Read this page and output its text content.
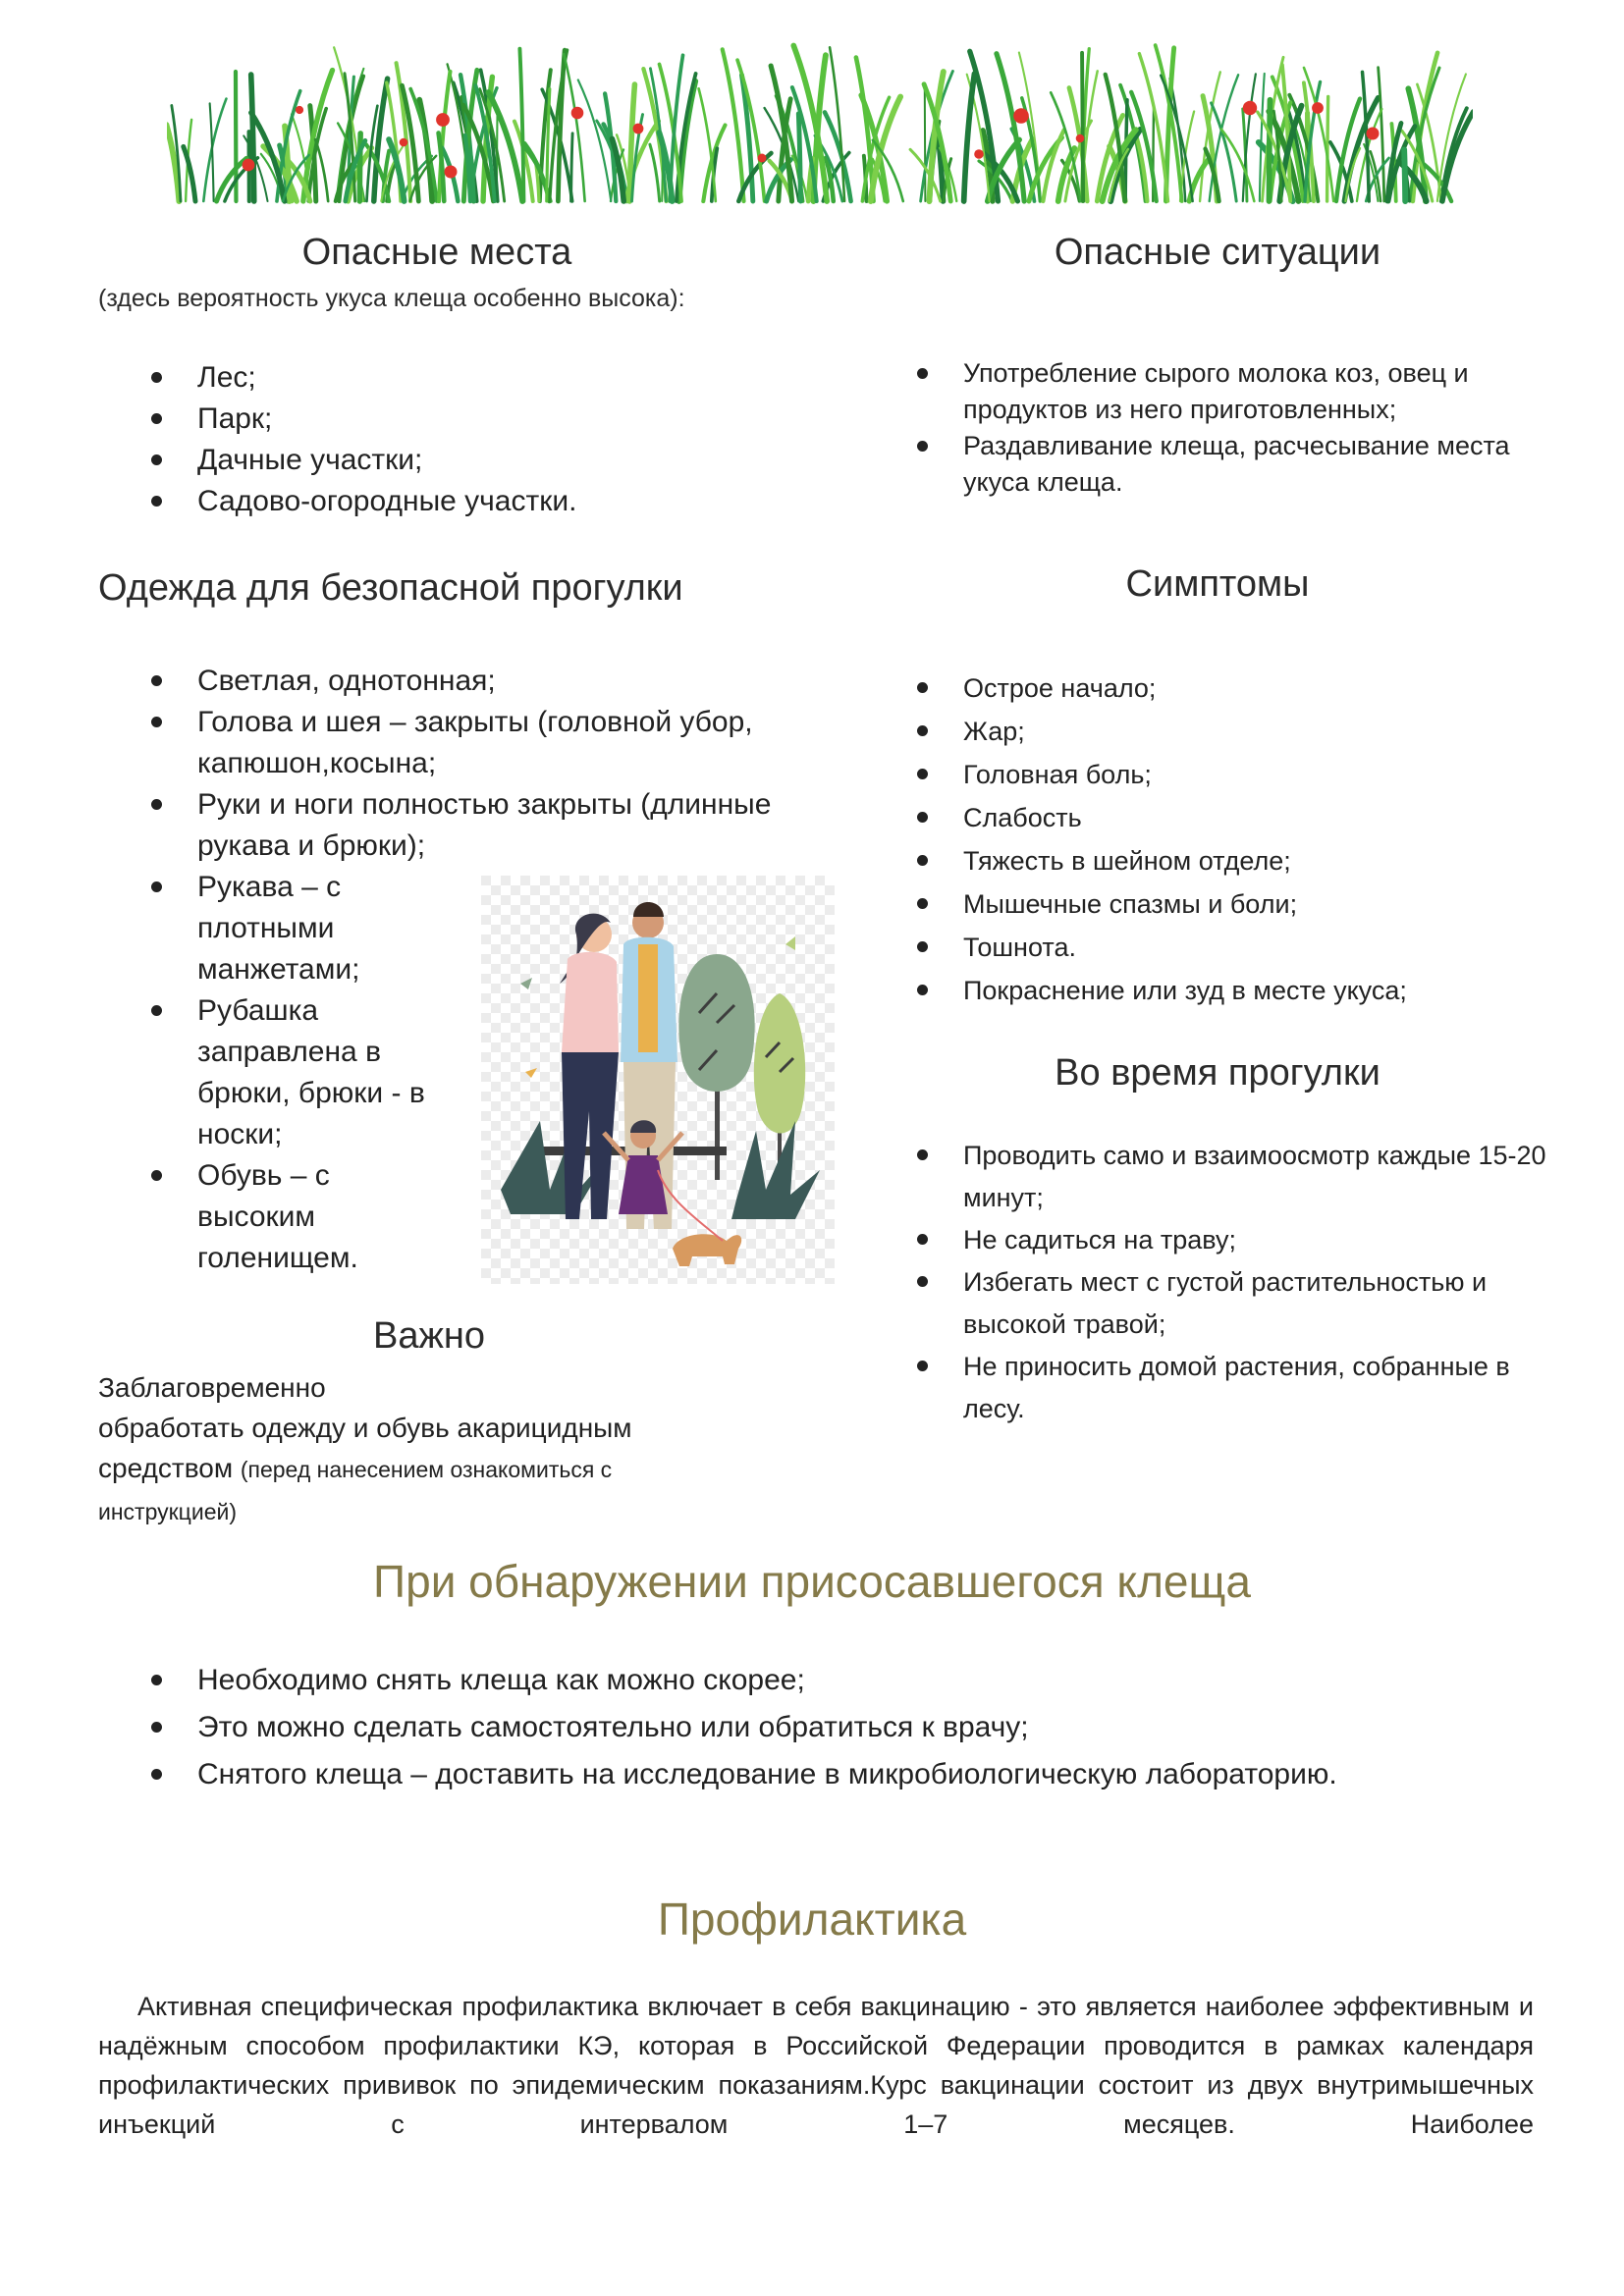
Опасные места
(здесь вероятность укуса клеща особенно высока):
Лес;
Парк;
Дачные участки;
Садово-огородные участки.
Одежда для безопасной прогулки
Светлая, однотонная;
Голова и шея – закрыты (головной убор, капюшон,косына;
Руки и ноги полностью закрыты (длинные рукава и брюки);
Рукава – с плотными манжетами;
Рубашка заправлена в брюки, брюки - в носки;
Обувь – с высоким голенищем.
Важно
Заблаговременно
обработать одежду и обувь акарицидным
средством (перед нанесением ознакомиться с инструкцией)
Опасные ситуации
Употребление сырого молока коз, овец и продуктов из него приготовленных;
Раздавливание клеща, расчесывание места укуса клеща.
Симптомы
Острое начало;
Жар;
Головная боль;
Слабость
Тяжесть в шейном отделе;
Мышечные спазмы и боли;
Тошнота.
Покраснение или зуд в месте укуса;
Во время прогулки
Проводить само и взаимоосмотр каждые 15-20 минут;
Не садиться на траву;
Избегать мест с густой растительностью и высокой травой;
Не приносить домой растения, собранные в лесу.
При обнаружении присосавшегося клеща
Необходимо снять клеща как можно скорее;
Это можно сделать самостоятельно или обратиться к врачу;
Снятого клеща – доставить на исследование в микробиологическую лабораторию.
Профилактика
Активная специфическая профилактика включает в себя вакцинацию - это является наиболее эффективным и надёжным способом профилактики КЭ, которая в Российской Федерации проводится в рамках календаря профилактических прививок по эпидемическим показаниям.Курс вакцинации состоит из двух внутримышечных инъекций с интервалом 1–7 месяцев. Наиболее
